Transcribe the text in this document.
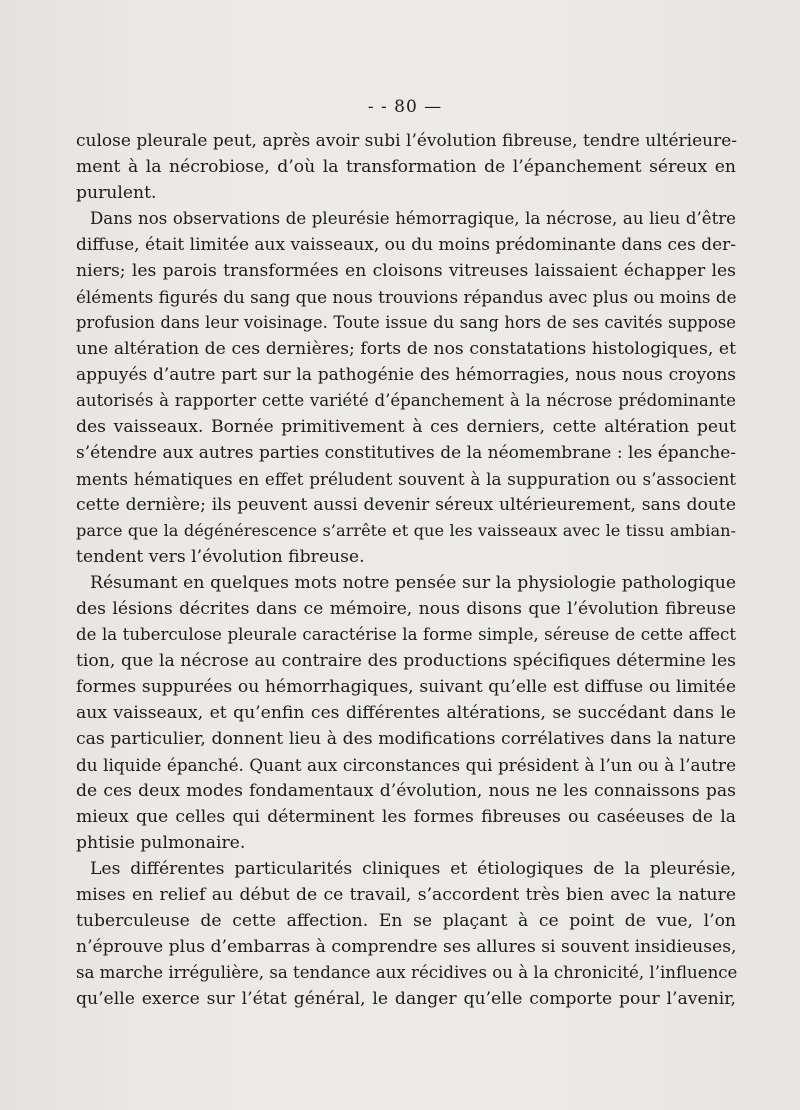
- - 80 —
culose pleurale peut, après avoir subi l’évolution fibreuse, tendre ultérieure-
ment à la nécrobiose, d’où la transformation de l’épanchement séreux en
purulent.
Dans nos observations de pleurésie hémorragique, la nécrose, au lieu d’être
diffuse, était limitée aux vaisseaux, ou du moins prédominante dans ces der-
niers; les parois transformées en cloisons vitreuses laissaient échapper les
éléments figurés du sang que nous trouvions répandus avec plus ou moins de
profusion dans leur voisinage. Toute issue du sang hors de ses cavités suppose
une altération de ces dernières; forts de nos constatations histologiques, et
appuyés d’autre part sur la pathogénie des hémorragies, nous nous croyons
autorisés à rapporter cette variété d’épanchement à la nécrose prédominante
des vaisseaux. Bornée primitivement à ces derniers, cette altération peut
s’étendre aux autres parties constitutives de la néomembrane : les épanche-
ments hématiques en effet préludent souvent à la suppuration ou s’associent
cette dernière; ils peuvent aussi devenir séreux ultérieurement, sans doute
parce que la dégénérescence s’arrête et que les vaisseaux avec le tissu ambian-
tendent vers l’évolution fibreuse.
Résumant en quelques mots notre pensée sur la physiologie pathologique
des lésions décrites dans ce mémoire, nous disons que l’évolution fibreuse
de la tuberculose pleurale caractérise la forme simple, séreuse de cette affect
tion, que la nécrose au contraire des productions spécifiques détermine les
formes suppurées ou hémorrhagiques, suivant qu’elle est diffuse ou limitée
aux vaisseaux, et qu’enfin ces différentes altérations, se succédant dans le
cas particulier, donnent lieu à des modifications corrélatives dans la nature
du liquide épanché. Quant aux circonstances qui président à l’un ou à l’autre
de ces deux modes fondamentaux d’évolution, nous ne les connaissons pas
mieux que celles qui déterminent les formes fibreuses ou caséeuses de la
phtisie pulmonaire.
Les différentes particularités cliniques et étiologiques de la pleurésie,
mises en relief au début de ce travail, s’accordent très bien avec la nature
tuberculeuse de cette affection. En se plaçant à ce point de vue, l’on
n’éprouve plus d’embarras à comprendre ses allures si souvent insidieuses,
sa marche irrégulière, sa tendance aux récidives ou à la chronicité, l’influence
qu’elle exerce sur l’état général, le danger qu’elle comporte pour l’avenir,
